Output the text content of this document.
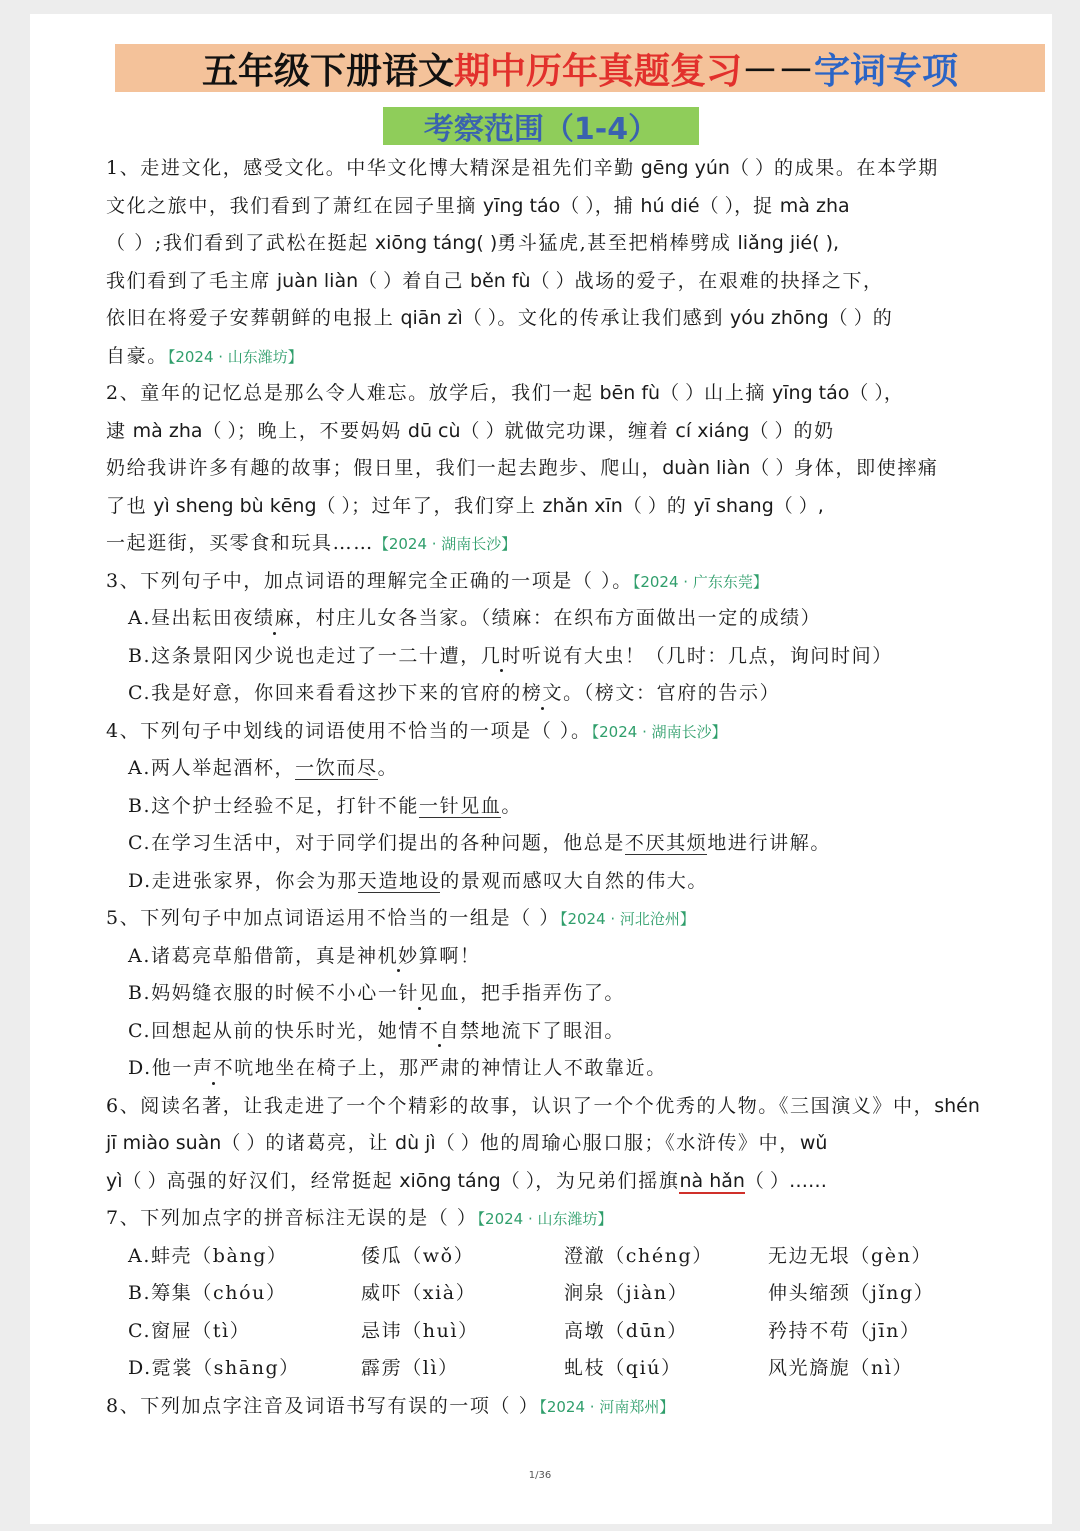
五年级下册语文 期中历年真题复习 －－ 字词专项
考察范围（1-4）
1、走进文化，感受文化。中华文化博大精深是祖先们辛勤 gēng yún（ ）的成果。在本学期
文化之旅中，我们看到了萧红在园子里摘 yīng táo（ ），捕 hú dié（ ），捉 mà zha
（ ）;我们看到了武松在挺起 xiōng táng( )勇斗猛虎,甚至把梢棒劈成 liǎng jié( ),
我们看到了毛主席 juàn liàn（ ）着自己 běn fù（ ）战场的爱子，在艰难的抉择之下，
依旧在将爱子安葬朝鲜的电报上 qiān zì（ ）。文化的传承让我们感到 yóu zhōng（ ）的
自豪。【2024 · 山东潍坊】
2、童年的记忆总是那么令人难忘。放学后，我们一起 bēn fù（ ）山上摘 yīng táo（ ），
逮 mà zha（ ）；晚上，不要妈妈 dū cù（ ）就做完功课，缠着 cí xiáng（ ）的奶
奶给我讲许多有趣的故事；假日里，我们一起去跑步、爬山，duàn liàn（ ）身体，即使摔痛
了也 yì sheng bù kēng（ ）；过年了，我们穿上 zhǎn xīn（ ）的 yī shang（ ）,
一起逛街，买零食和玩具……【2024 · 湖南长沙】
3、下列句子中，加点词语的理解完全正确的一项是（ ）。【2024 · 广东东莞】
A.昼出耘田夜绩麻，村庄儿女各当家。（绩麻：在织布方面做出一定的成绩）
B.这条景阳冈少说也走过了一二十遭，几时听说有大虫！（几时：几点，询问时间）
C.我是好意，你回来看看这抄下来的官府的榜文。（榜文：官府的告示）
4、下列句子中划线的词语使用不恰当的一项是（ ）。【2024 · 湖南长沙】
A.两人举起酒杯，一饮而尽。
B.这个护士经验不足，打针不能一针见血。
C.在学习生活中，对于同学们提出的各种问题，他总是不厌其烦地进行讲解。
D.走进张家界，你会为那天造地设的景观而感叹大自然的伟大。
5、下列句子中加点词语运用不恰当的一组是（ ）【2024 · 河北沧州】
A.诸葛亮草船借箭，真是神机妙算啊！
B.妈妈缝衣服的时候不小心一针见血，把手指弄伤了。
C.回想起从前的快乐时光，她情不自禁地流下了眼泪。
D.他一声不吭地坐在椅子上，那严肃的神情让人不敢靠近。
6、阅读名著，让我走进了一个个精彩的故事，认识了一个个优秀的人物。《三国演义》中，shén
jī miào suàn（ ）的诸葛亮，让 dù jì（ ）他的周瑜心服口服；《水浒传》中，wǔ
yì（ ）高强的好汉们，经常挺起 xiōng táng（ ），为兄弟们摇旗nà hǎn（ ）……
7、下列加点字的拼音标注无误的是（ ）【2024 · 山东潍坊】
A.蚌壳（bàng）	倭瓜（wǒ）	澄澈（chéng）	无边无垠（gèn）
B.筹集（chóu）	威吓（xià）	涧泉（jiàn）	伸头缩颈（jǐng）
C.窗屉（tì）	忌讳（huì）	高墩（dūn）	矜持不苟（jīn）
D.霓裳（shāng）	霹雳（lì）	虬枝（qiú）	风光旖旎（nì）
8、下列加点字注音及词语书写有误的一项（ ）【2024 · 河南郑州】
1/36
